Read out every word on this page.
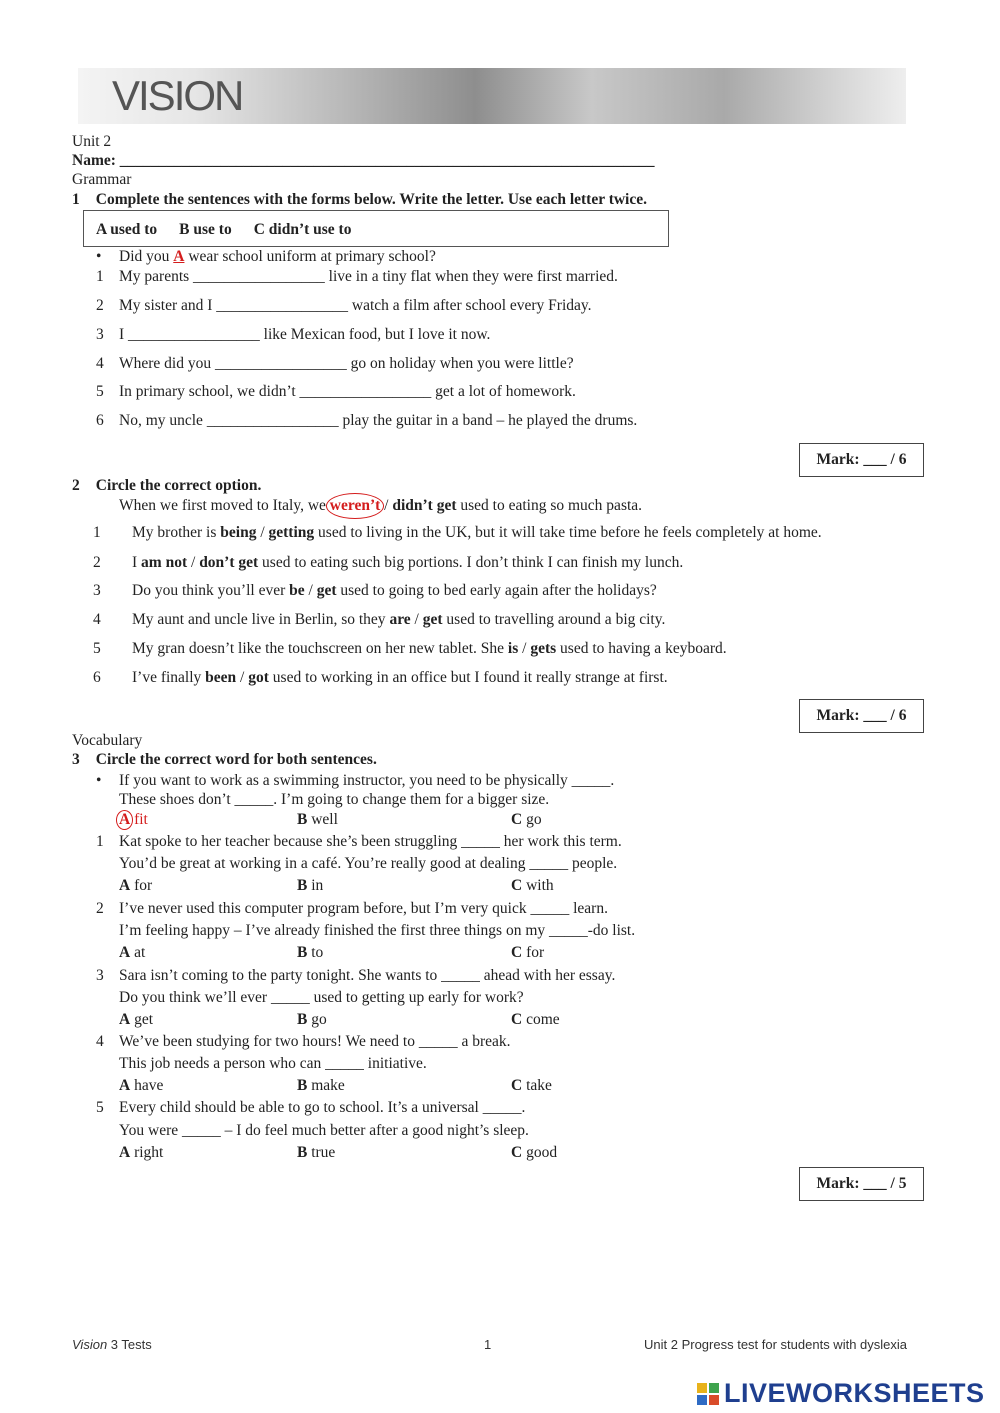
VISION
Unit 2
Name: _____________________________________________________________________
Grammar
1 Complete the sentences with the forms below. Write the letter. Use each letter twice.
A used to B use to C didn’t use to
• Did you A wear school uniform at primary school?
1 My parents _________________ live in a tiny flat when they were first married.
2 My sister and I _________________ watch a film after school every Friday.
3 I _________________ like Mexican food, but I love it now.
4 Where did you _________________ go on holiday when you were little?
5 In primary school, we didn’t _________________ get a lot of homework.
6 No, my uncle _________________ play the guitar in a band – he played the drums.
Mark: ___ / 6
2 Circle the correct option.
When we first moved to Italy, we weren’t / didn’t get used to eating so much pasta.
1 My brother is being / getting used to living in the UK, but it will take time before he feels completely at home.
2 I am not / don’t get used to eating such big portions. I don’t think I can finish my lunch.
3 Do you think you’ll ever be / get used to going to bed early again after the holidays?
4 My aunt and uncle live in Berlin, so they are / get used to travelling around a big city.
5 My gran doesn’t like the touchscreen on her new tablet. She is / gets used to having a keyboard.
6 I’ve finally been / got used to working in an office but I found it really strange at first.
Mark: ___ / 6
Vocabulary
3 Circle the correct word for both sentences.
• If you want to work as a swimming instructor, you need to be physically _____.
These shoes don’t _____. I’m going to change them for a bigger size.
A fit	B well	C go
1 Kat spoke to her teacher because she’s been struggling _____ her work this term.
You’d be great at working in a café. You’re really good at dealing _____ people.
A for	B in	C with
2 I’ve never used this computer program before, but I’m very quick _____ learn.
I’m feeling happy – I’ve already finished the first three things on my _____-do list.
A at	B to	C for
3 Sara isn’t coming to the party tonight. She wants to _____ ahead with her essay.
Do you think we’ll ever _____ used to getting up early for work?
A get	B go	C come
4 We’ve been studying for two hours! We need to _____ a break.
This job needs a person who can _____ initiative.
A have	B make	C take
5 Every child should be able to go to school. It’s a universal _____.
You were _____ – I do feel much better after a good night’s sleep.
A right	B true	C good
Mark: ___ / 5
Vision 3 Tests	1	Unit 2 Progress test for students with dyslexia
LIVEWORKSHEETS
